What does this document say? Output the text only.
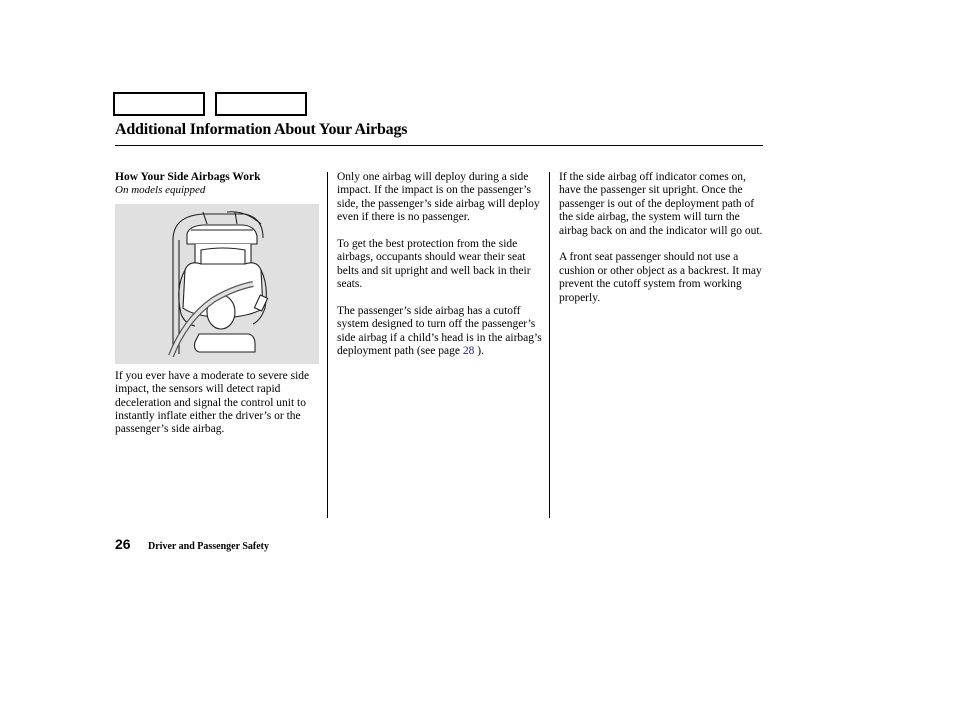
Additional Information About Your Airbags
How Your Side Airbags Work
On models equipped

If you ever have a moderate to severe side impact, the sensors will detect rapid deceleration and signal the control unit to instantly inflate either the driver’s or the passenger’s side airbag.

Only one airbag will deploy during a side impact. If the impact is on the passenger’s side, the passenger’s side airbag will deploy even if there is no passenger.

To get the best protection from the side airbags, occupants should wear their seat belts and sit upright and well back in their seats.

The passenger’s side airbag has a cutoff system designed to turn off the passenger’s side airbag if a child’s head is in the airbag’s deployment path (see page 28 ).

If the side airbag off indicator comes on, have the passenger sit upright. Once the passenger is out of the deployment path of the side airbag, the system will turn the airbag back on and the indicator will go out.

A front seat passenger should not use a cushion or other object as a backrest. It may prevent the cutoff system from working properly.

26 Driver and Passenger Safety
